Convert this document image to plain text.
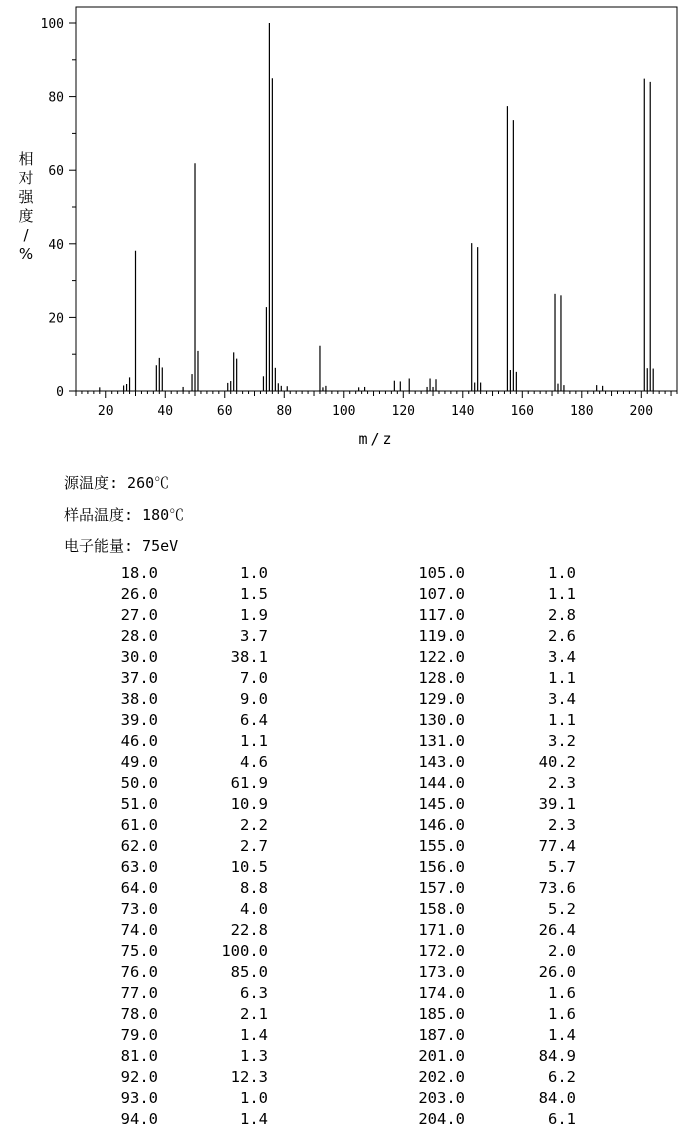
20	40	60	80	100	120	140	160	180	200
0
20
40
60
80
100
m/z
相
对
强
度
/
%
源温度: 260℃
样品温度: 180℃
电子能量: 75eV
18.0	1.0
26.0	1.5
27.0	1.9
28.0	3.7
30.0	38.1
37.0	7.0
38.0	9.0
39.0	6.4
46.0	1.1
49.0	4.6
50.0	61.9
51.0	10.9
61.0	2.2
62.0	2.7
63.0	10.5
64.0	8.8
73.0	4.0
74.0	22.8
75.0	100.0
76.0	85.0
77.0	6.3
78.0	2.1
79.0	1.4
81.0	1.3
92.0	12.3
93.0	1.0
94.0	1.4
105.0	1.0
107.0	1.1
117.0	2.8
119.0	2.6
122.0	3.4
128.0	1.1
129.0	3.4
130.0	1.1
131.0	3.2
143.0	40.2
144.0	2.3
145.0	39.1
146.0	2.3
155.0	77.4
156.0	5.7
157.0	73.6
158.0	5.2
171.0	26.4
172.0	2.0
173.0	26.0
174.0	1.6
185.0	1.6
187.0	1.4
201.0	84.9
202.0	6.2
203.0	84.0
204.0	6.1
